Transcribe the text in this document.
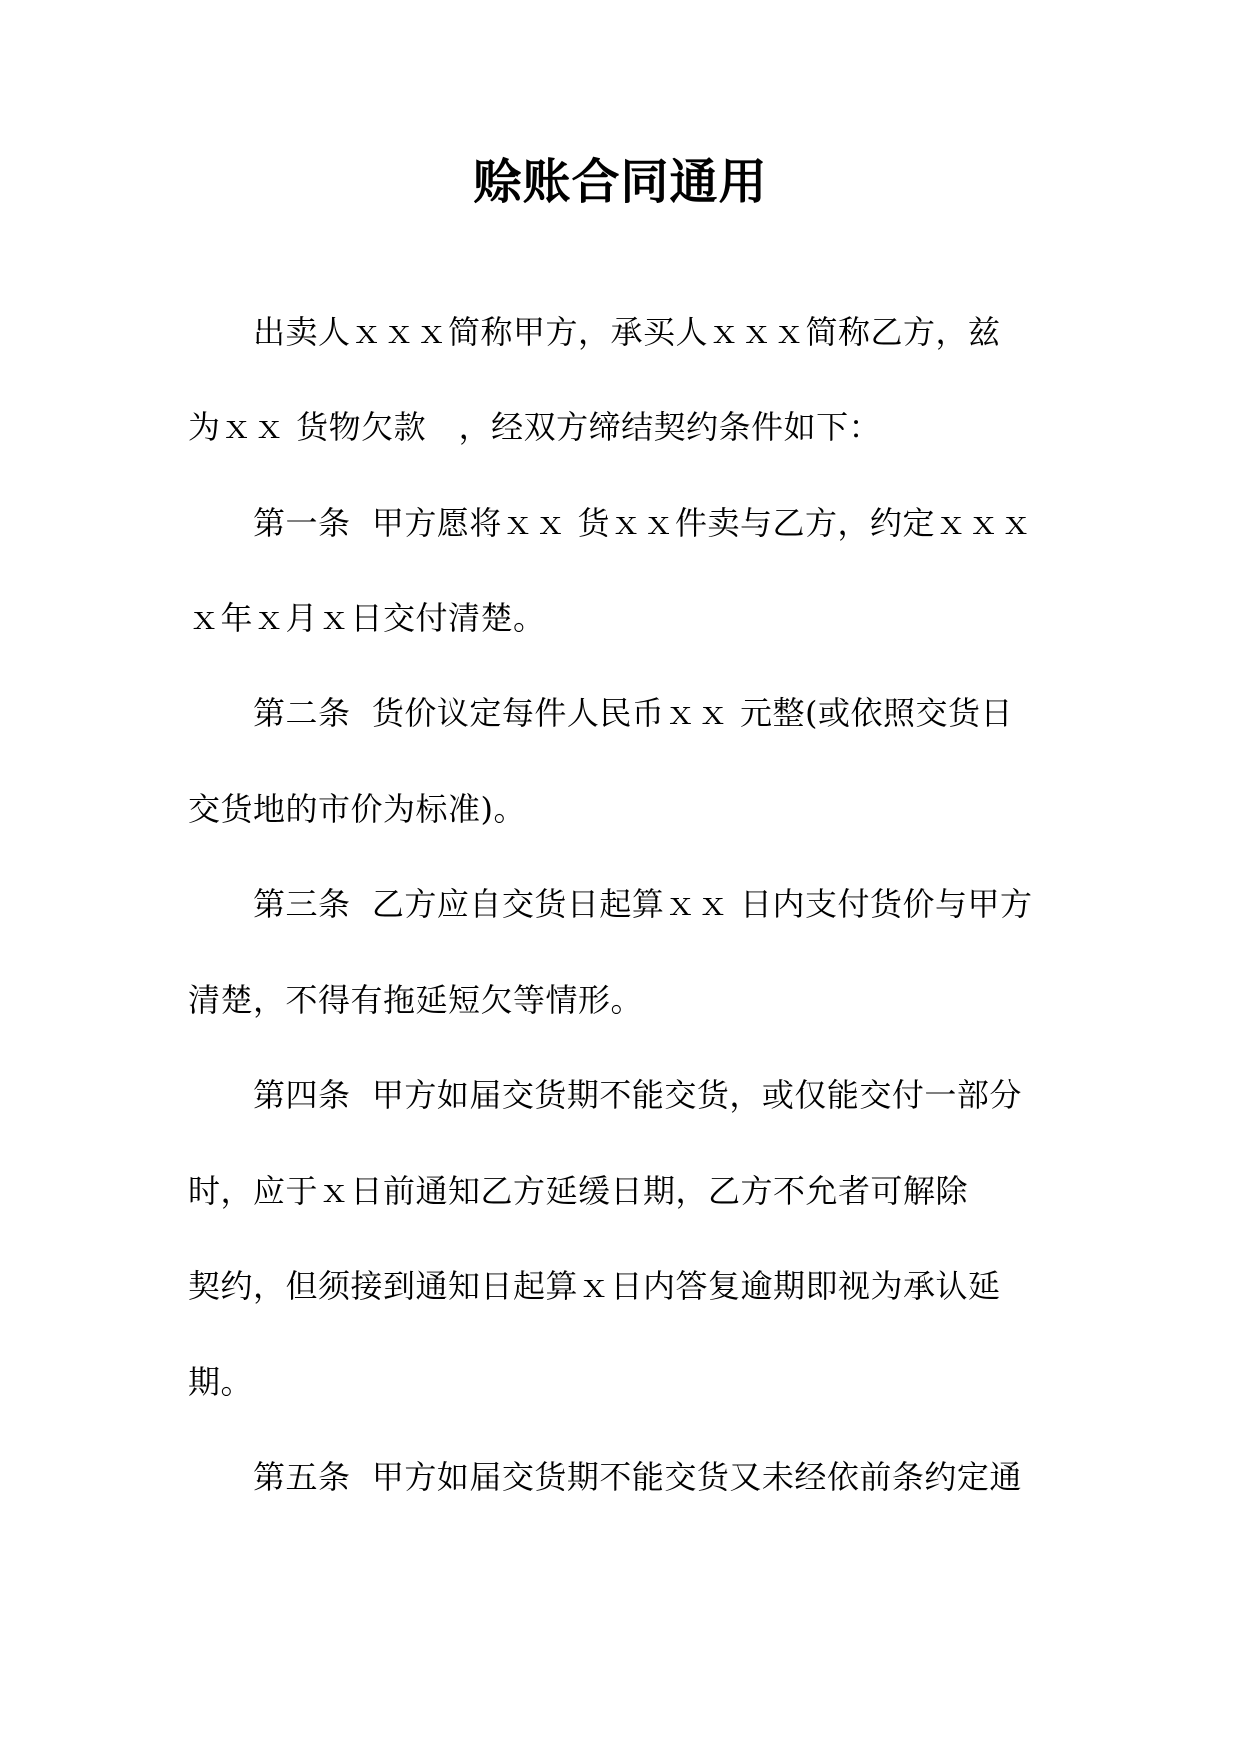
赊账合同通用

　　出卖人ｘｘｘ简称甲方，承买人ｘｘｘ简称乙方，兹

为ｘｘ 货物欠款　，经双方缔结契约条件如下：

　　第一条  甲方愿将ｘｘ 货ｘｘ件卖与乙方，约定ｘｘｘ

ｘ年ｘ月ｘ日交付清楚。

　　第二条  货价议定每件人民币ｘｘ 元整(或依照交货日

交货地的市价为标准)。

　　第三条  乙方应自交货日起算ｘｘ 日内支付货价与甲方

清楚，不得有拖延短欠等情形。

　　第四条  甲方如届交货期不能交货，或仅能交付一部分

时，应于ｘ日前通知乙方延缓日期，乙方不允者可解除

契约，但须接到通知日起算ｘ日内答复逾期即视为承认延

期。

　　第五条  甲方如届交货期不能交货又未经依前条约定通
